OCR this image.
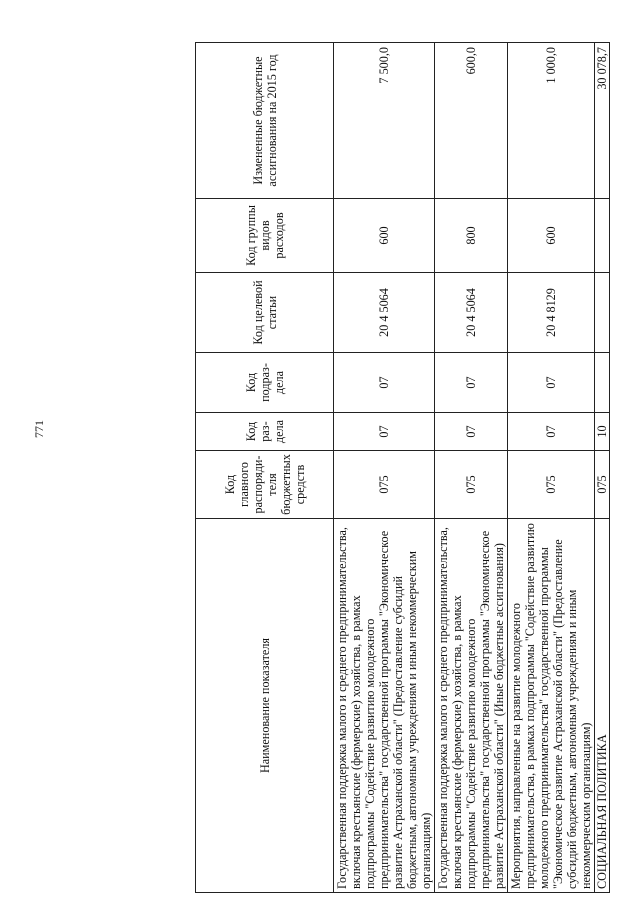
771
Наименование показателя	Код главного распоряди- теля бюджетных средств	Код раз- дела	Код подраз- дела	Код целевой статьи	Код группы видов расходов	Измененные бюджетные ассигнования на 2015 год
Государственная поддержка малого и среднего предпринимательства, включая крестьянские (фермерские) хозяйства, в рамках подпрограммы "Содействие развитию молодежного предпринимательства" государственной программы "Экономическое развитие Астраханской области" (Предоставление субсидий бюджетным, автономным учреждениям и иным некоммерческим организациям)	075	07	07	20 4 5064	600	7 500,0
Государственная поддержка малого и среднего предпринимательства, включая крестьянские (фермерские) хозяйства, в рамках подпрограммы "Содействие развитию молодежного предпринимательства" государственной программы "Экономическое развитие Астраханской области" (Иные бюджетные ассигнования)	075	07	07	20 4 5064	800	600,0
Мероприятия, направленные на развитие молодежного предпринимательства, в рамках подпрограммы "Содействие развитию молодежного предпринимательства" государственной программы "Экономическое развитие Астраханской области" (Предоставление субсидий бюджетным, автономным учреждениям и иным некоммерческим организациям)	075	07	07	20 4 8129	600	1 000,0
СОЦИАЛЬНАЯ ПОЛИТИКА	075	10				30 078,7
